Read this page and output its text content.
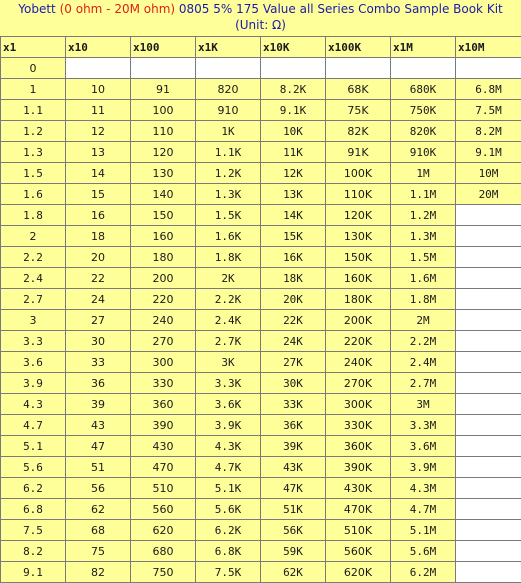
Yobett (0 ohm - 20M ohm) 0805 5% 175 Value all Series Combo Sample Book Kit
(Unit: Ω)
x1	x10	x100	x1K	x10K	x100K	x1M	x10M
0							
1	10	91	820	8.2K	68K	680K	6.8M
1.1	11	100	910	9.1K	75K	750K	7.5M
1.2	12	110	1K	10K	82K	820K	8.2M
1.3	13	120	1.1K	11K	91K	910K	9.1M
1.5	14	130	1.2K	12K	100K	1M	10M
1.6	15	140	1.3K	13K	110K	1.1M	20M
1.8	16	150	1.5K	14K	120K	1.2M	
2	18	160	1.6K	15K	130K	1.3M	
2.2	20	180	1.8K	16K	150K	1.5M	
2.4	22	200	2K	18K	160K	1.6M	
2.7	24	220	2.2K	20K	180K	1.8M	
3	27	240	2.4K	22K	200K	2M	
3.3	30	270	2.7K	24K	220K	2.2M	
3.6	33	300	3K	27K	240K	2.4M	
3.9	36	330	3.3K	30K	270K	2.7M	
4.3	39	360	3.6K	33K	300K	3M	
4.7	43	390	3.9K	36K	330K	3.3M	
5.1	47	430	4.3K	39K	360K	3.6M	
5.6	51	470	4.7K	43K	390K	3.9M	
6.2	56	510	5.1K	47K	430K	4.3M	
6.8	62	560	5.6K	51K	470K	4.7M	
7.5	68	620	6.2K	56K	510K	5.1M	
8.2	75	680	6.8K	59K	560K	5.6M	
9.1	82	750	7.5K	62K	620K	6.2M	
